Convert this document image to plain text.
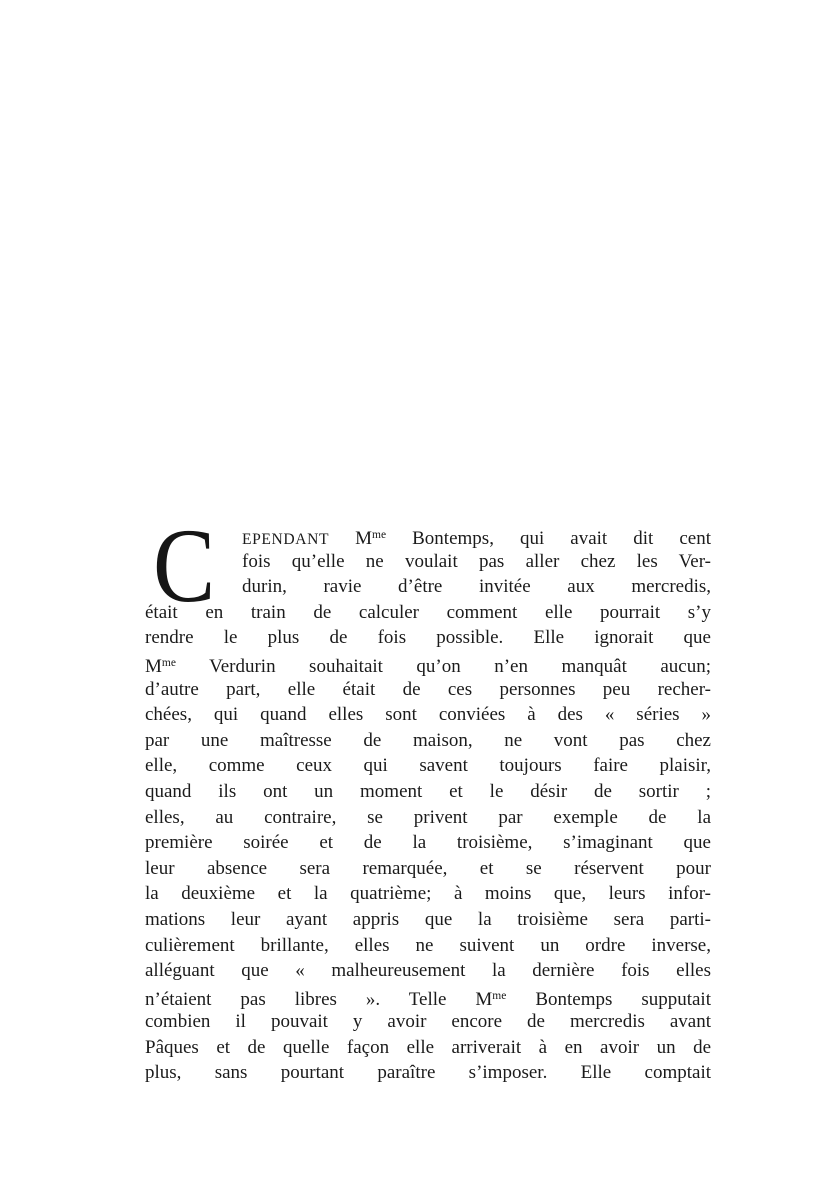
C	EPENDANT $M^{me}$ Bontemps, qui avait dit cent
fois qu’elle ne voulait pas aller chez les Ver-
durin, ravie d’être invitée aux mercredis,
était en train de calculer comment elle pourrait s’y
rendre le plus de fois possible. Elle ignorait que
$M^{me}$ Verdurin souhaitait qu’on n’en manquât aucun;
d’autre part, elle était de ces personnes peu recher-
chées, qui quand elles sont conviées à des « séries »
par une maîtresse de maison, ne vont pas chez
elle, comme ceux qui savent toujours faire plaisir,
quand ils ont un moment et le désir de sortir ;
elles, au contraire, se privent par exemple de la
première soirée et de la troisième, s’imaginant que
leur absence sera remarquée, et se réservent pour
la deuxième et la quatrième; à moins que, leurs infor-
mations leur ayant appris que la troisième sera parti-
culièrement brillante, elles ne suivent un ordre inverse,
alléguant que « malheureusement la dernière fois elles
n’étaient pas libres ». Telle $M^{me}$ Bontemps supputait
combien il pouvait y avoir encore de mercredis avant
Pâques et de quelle façon elle arriverait à en avoir un de
plus, sans pourtant paraître s’imposer. Elle comptait
